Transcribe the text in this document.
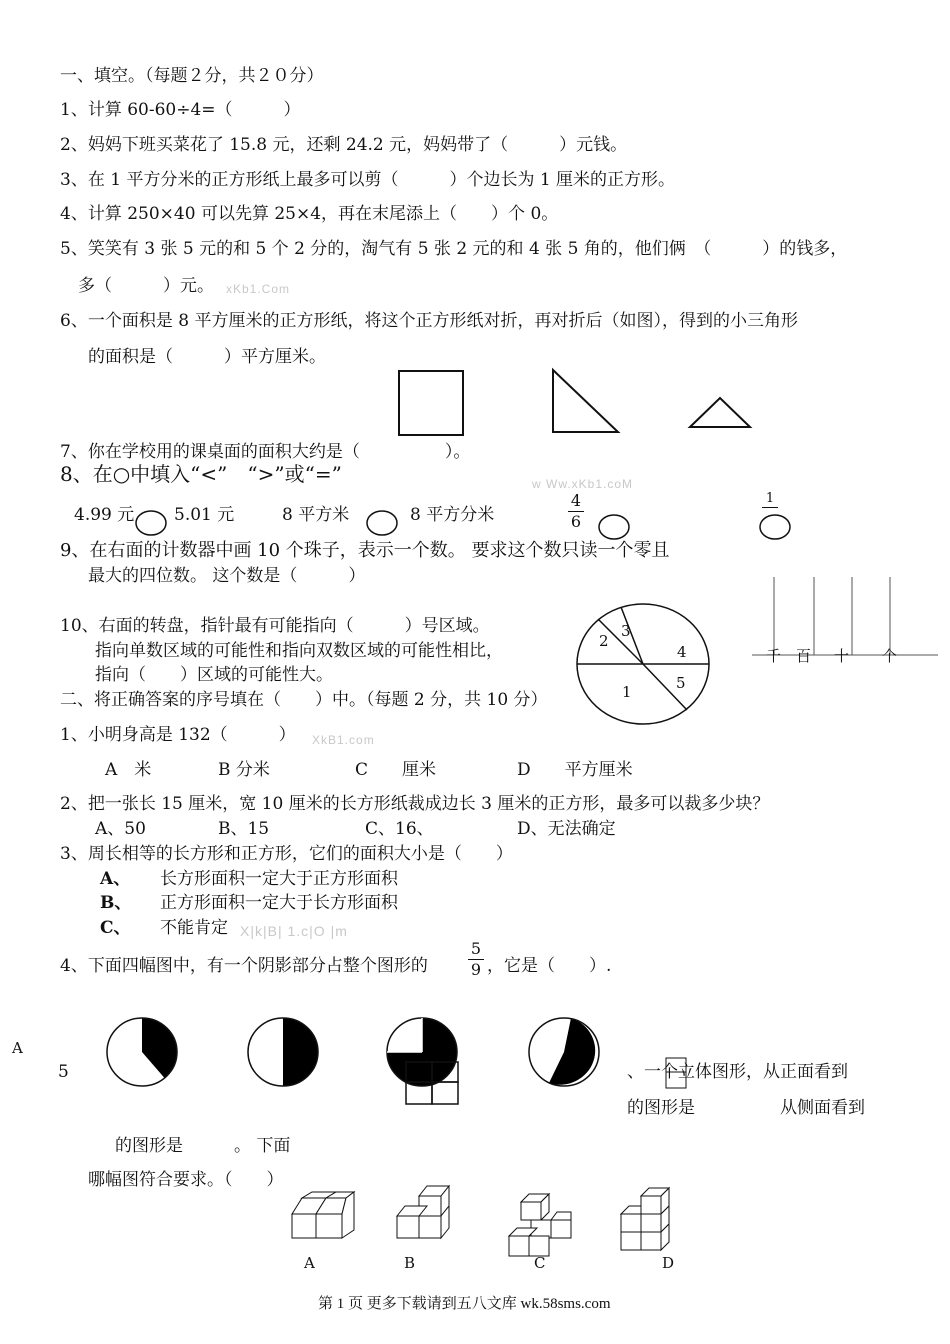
一、填空。（每题２分，共２０分）
1、计算 60-60÷4=（　　　）
2、妈妈下班买菜花了 15.8 元，还剩 24.2 元，妈妈带了（　　　）元钱。
3、在 1 平方分米的正方形纸上最多可以剪（　　　）个边长为 1 厘米的正方形。
4、计算 250×40 可以先算 25×4，再在末尾添上（　　）个 0。
5、笑笑有 3 张 5 元的和 5 个 2 分的，淘气有 5 张 2 元的和 4 张 5 角的，他们俩　（　　　）的钱多，
多（　　　）元。 xKb1.Com
6、一个面积是 8 平方厘米的正方形纸，将这个正方形纸对折，再对折后（如图），得到的小三角形
的面积是（　　　）平方厘米。
7、你在学校用的课桌面的面积大约是（　　　　　）。
8、在○中填入“<”　“>”或“=”	w Ww.xKb1.coM
4.99 元 5.01 元	8 平方米	8 平方分米
4
6
1
9、在右面的计数器中画 10 个珠子，表示一个数。 要求这个数只读一个零且
最大的四位数。 这个数是（　　　）
千 百 十 个
10、右面的转盘，指针最有可能指向（　　　）号区域。
指向单数区域的可能性和指向双数区域的可能性相比，
指向（　　）区域的可能性大。
2
3
4
5
1
二、将正确答案的序号填在（　　）中。（每题 2 分，共 10 分）
1、小明身高是 132（　　　） XkB1.com
A　米	B 分米	C　　厘米	D　　平方厘米
2、把一张长 15 厘米，宽 10 厘米的长方形纸裁成边长 3 厘米的正方形，最多可以裁多少块？
A、50	B、15	C、16、	D、无法确定
3、周长相等的长方形和正方形，它们的面积大小是（　　）
A、 长方形面积一定大于正方形面积
B、 正方形面积一定大于长方形面积
C、 不能肯定 X|k|B| 1.c|O |m
4、下面四幅图中，有一个阴影部分占整个图形的
5
9 ，它是（　　）.
A
5	、一个立体图形，从正面看到
的图形是　　　　　从侧面看到
的图形是　　　。 下面
哪幅图符合要求。（　　）
A	B	C	D
第 1 页 更多下载请到五八文库 wk.58sms.com
